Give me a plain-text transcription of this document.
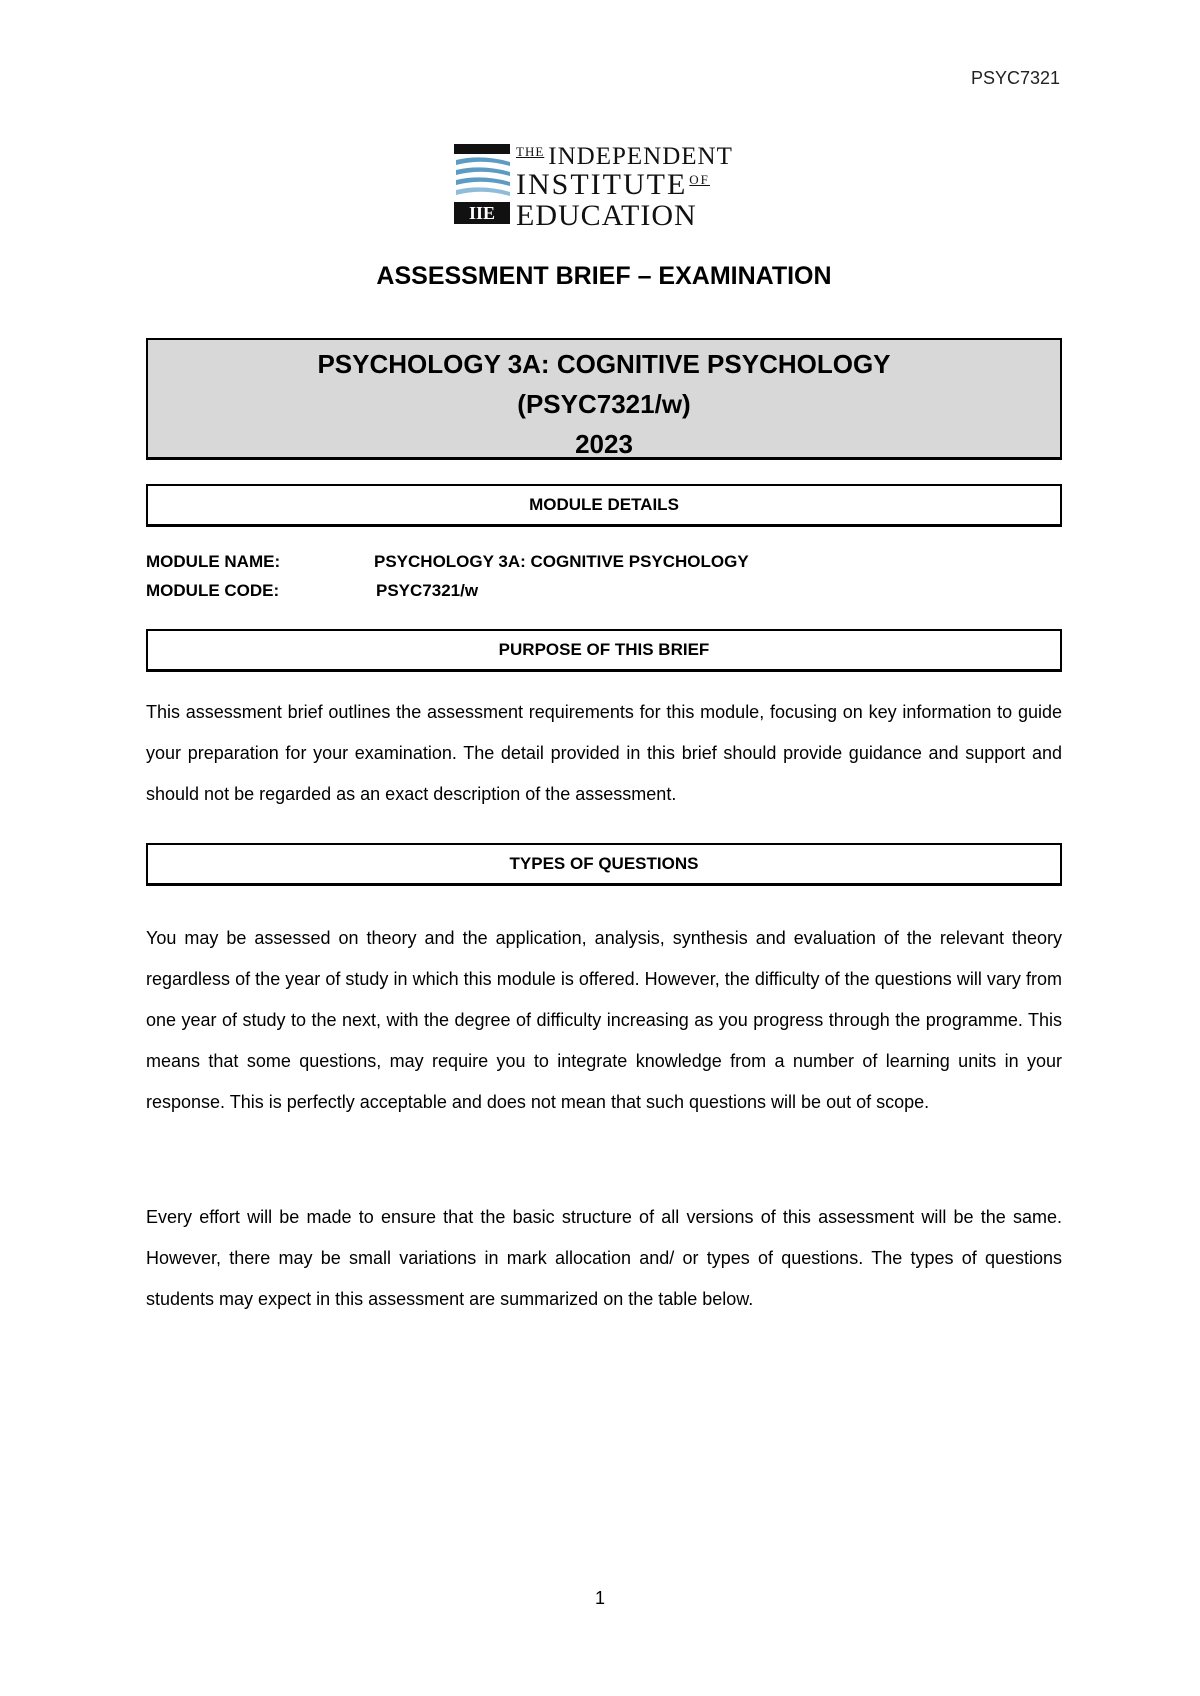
PSYC7321
IIE
$^{THE}$ INDEPENDENT
INSTITUTE $^{OF}$
EDUCATION
ASSESSMENT BRIEF – EXAMINATION
PSYCHOLOGY 3A: COGNITIVE PSYCHOLOGY
(PSYC7321/w)
2023
MODULE DETAILS
MODULE NAME:	PSYCHOLOGY 3A: COGNITIVE PSYCHOLOGY
MODULE CODE:	PSYC7321/w
PURPOSE OF THIS BRIEF
This assessment brief outlines the assessment requirements for this module, focusing on key information to guide your preparation for your examination. The detail provided in this brief should provide guidance and support and should not be regarded as an exact description of the assessment.
TYPES OF QUESTIONS
You may be assessed on theory and the application, analysis, synthesis and evaluation of the relevant theory regardless of the year of study in which this module is offered. However, the difficulty of the questions will vary from one year of study to the next, with the degree of difficulty increasing as you progress through the programme. This means that some questions, may require you to integrate knowledge from a number of learning units in your response. This is perfectly acceptable and does not mean that such questions will be out of scope.
Every effort will be made to ensure that the basic structure of all versions of this assessment will be the same. However, there may be small variations in mark allocation and/ or types of questions. The types of questions students may expect in this assessment are summarized on the table below.
1
